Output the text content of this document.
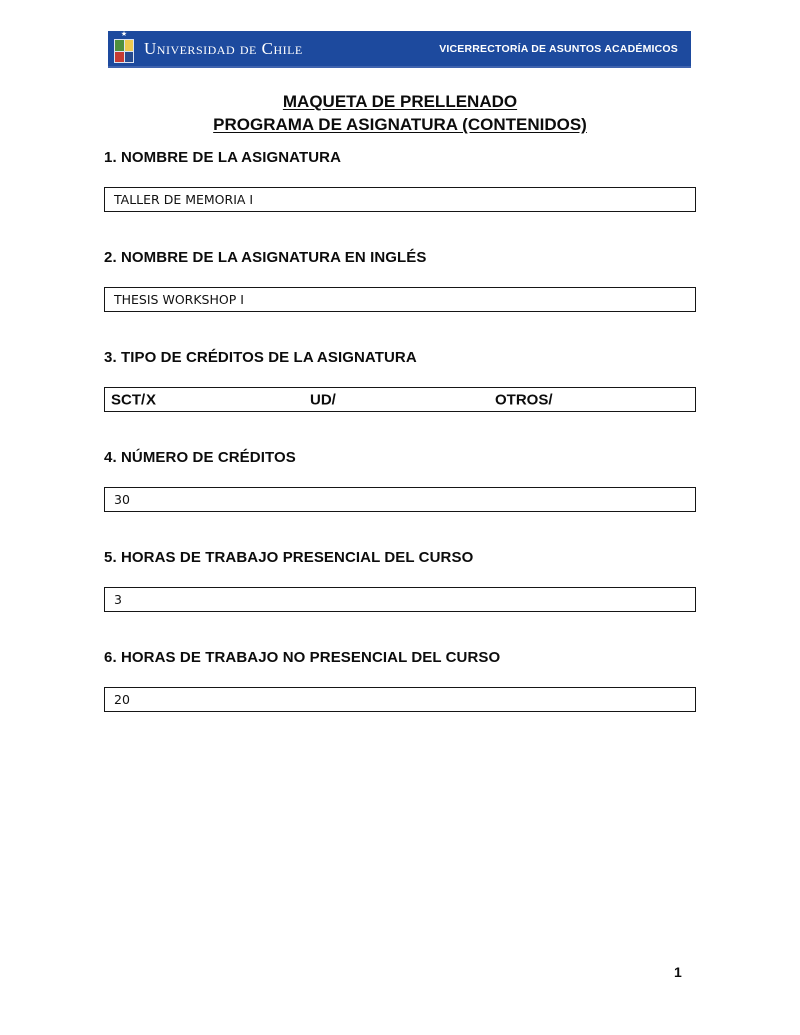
★
Universidad de Chile	VICERRECTORÍA DE ASUNTOS ACADÉMICOS
MAQUETA DE PRELLENADO
PROGRAMA DE ASIGNATURA (CONTENIDOS)
1. NOMBRE DE LA ASIGNATURA
TALLER DE MEMORIA I
2. NOMBRE DE LA ASIGNATURA EN INGLÉS
THESIS WORKSHOP I
3. TIPO DE CRÉDITOS DE LA ASIGNATURA
SCT/ X	UD/	OTROS/
4. NÚMERO DE CRÉDITOS
30
5. HORAS DE TRABAJO PRESENCIAL DEL CURSO
3
6. HORAS DE TRABAJO NO PRESENCIAL DEL CURSO
20
1
